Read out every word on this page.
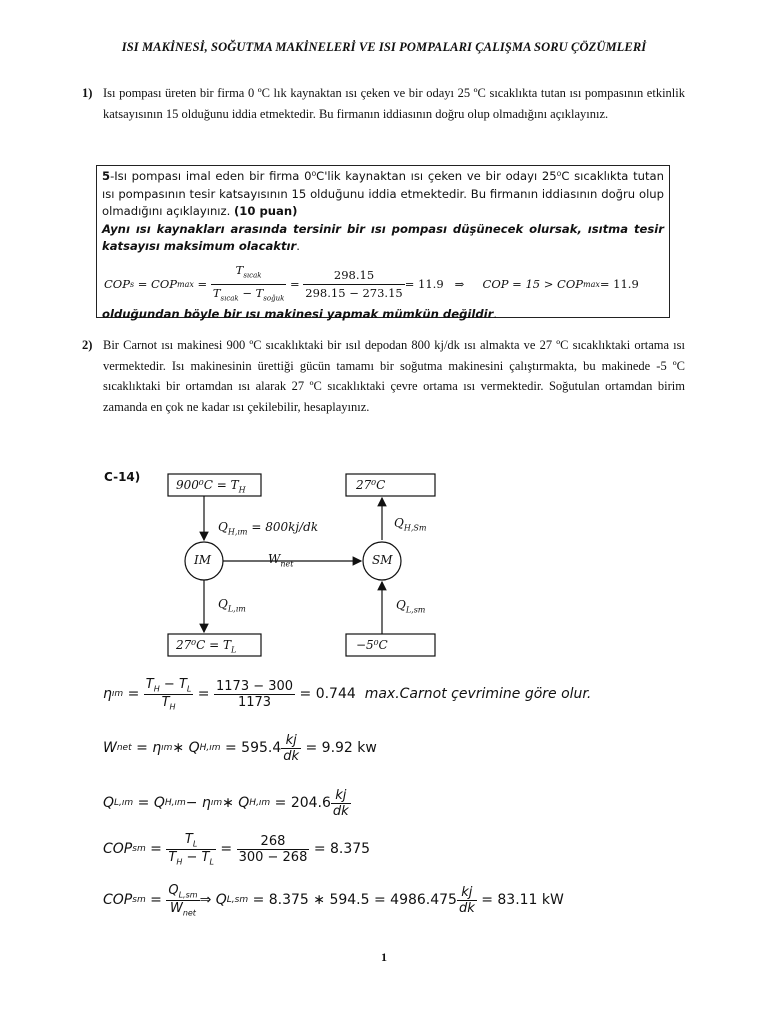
ISI MAKİNESİ, SOĞUTMA MAKİNELERİ VE ISI POMPALARI ÇALIŞMA SORU ÇÖZÜMLERİ
1) Isı pompası üreten bir firma 0 ºC lık kaynaktan ısı çeken ve bir odayı 25 ºC sıcaklıkta tutan ısı pompasının etkinlik katsayısının 15 olduğunu iddia etmektedir. Bu firmanın iddiasının doğru olup olmadığını açıklayınız.
5-Isı pompası imal eden bir firma 0⁰C'lik kaynaktan ısı çeken ve bir odayı 25⁰C sıcaklıkta tutan ısı pompasının tesir katsayısının 15 olduğunu iddia etmektedir. Bu firmanın iddiasının doğru olup olmadığını açıklayınız. (10 puan)
Aynı ısı kaynakları arasında tersinir bir ısı pompası düşünecek olursak, ısıtma tesir katsayısı maksimum olacaktır.
COP s = COP $\max = \frac{T_{sıcak}}{T_{sıcak} - T_{soğuk}} = \frac{298.15}{298.15 - 273.15} = 11.9$
⇒
COP = 15 > COP max = 11.9
olduğundan böyle bir ısı makinesi yapmak mümkün değildir.
2) Bir Carnot ısı makinesi 900 ºC sıcaklıktaki bir ısıl depodan 800 kj/dk ısı almakta ve 27 ºC sıcaklıktaki ortama ısı vermektedir. Isı makinesinin ürettiği gücün tamamı bir soğutma makinesini çalıştırmakta, bu makinede -5 ºC sıcaklıktaki bir ortamdan ısı alarak 27 ºC sıcaklıktaki çevre ortama ısı vermektedir. Soğutulan ortamdan birim zamanda en çok ne kadar ısı çekilebilir, hesaplayınız.
C-14)
$900^0C = T_H$
$27^0C = T_L$
27⁰C
−5⁰C
IM	SM
$Q_{H,ım} = 800kj/dk$
$Q_{L,ım}$
$W_{net}$
$Q_{H,Sm}$
$Q_{L,sm}$
η ım = $\frac{T_H - T_L}{T_H} = \frac{1173 - 300}{1173}$
= 0.744
max.Carnot çevrimine göre olur.
W net
= η ım ∗ Q H,ım
= $595.4 \frac{kj}{dk}$
= 9.92 kw
Q L,ım
= Q H,ım − η ım ∗ Q H,ım
= $204.6 \frac{kj}{dk}$
COP sm = $\frac{T_L}{T_H - T_L} = \frac{268}{300 - 268}$
= 8.375
COP sm = $\frac{Q_{L,sm}}{W_{net}}$ ⇒ Q L,sm
= 8.375 ∗ $594.5 = 4986.475 \frac{kj}{dk}$
= 83.11 kW
1
